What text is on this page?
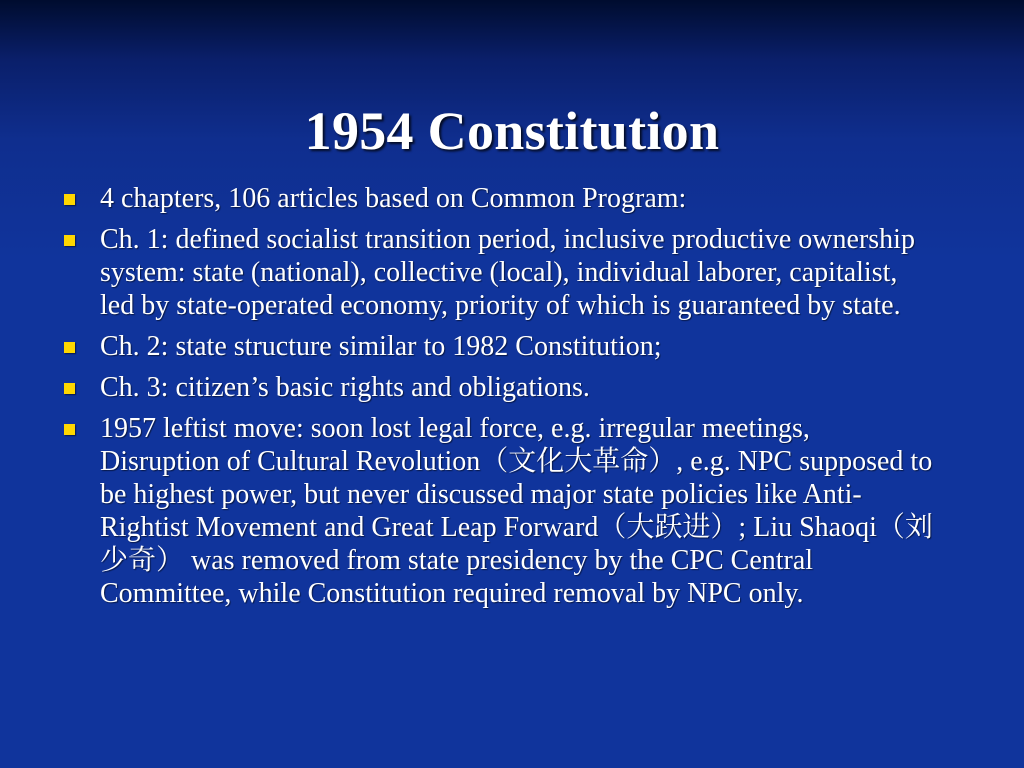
1954 Constitution
4 chapters, 106 articles based on Common Program:
Ch. 1: defined socialist transition period, inclusive productive ownership system: state (national), collective (local), individual laborer, capitalist, led by state-operated economy, priority of which is guaranteed by state.
Ch. 2: state structure similar to 1982 Constitution;
Ch. 3: citizen’s basic rights and obligations.
1957 leftist move: soon lost legal force, e.g. irregular meetings, Disruption of Cultural Revolution（文化大革命）, e.g. NPC supposed to be highest power, but never discussed major state policies like Anti-Rightist Movement and Great Leap Forward（大跃进）; Liu Shaoqi（刘少奇） was removed from state presidency by the CPC Central Committee, while Constitution required removal by NPC only.
